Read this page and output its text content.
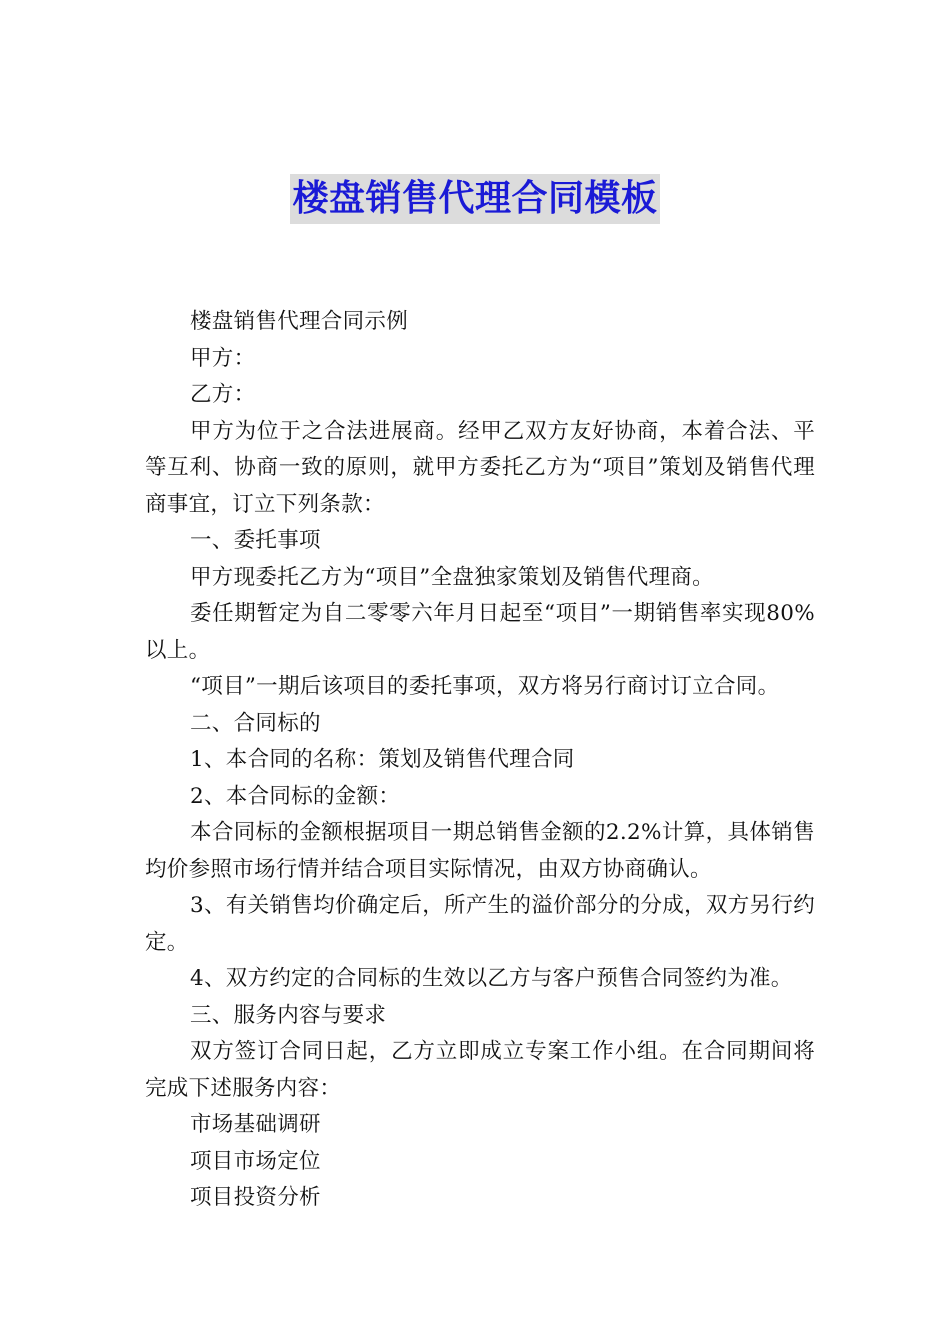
楼盘销售代理合同模板

楼盘销售代理合同示例

甲方：

乙方：

甲方为位于之合法进展商。经甲乙双方友好协商，本着合法、平等互利、协商一致的原则，就甲方委托乙方为“项目”策划及销售代理商事宜，订立下列条款：

一、委托事项

甲方现委托乙方为“项目”全盘独家策划及销售代理商。

委任期暂定为自二零零六年月日起至“项目”一期销售率实现80%以上。

“项目”一期后该项目的委托事项，双方将另行商讨订立合同。

二、合同标的

1、本合同的名称：策划及销售代理合同

2、本合同标的金额：

本合同标的金额根据项目一期总销售金额的2.2%计算，具体销售均价参照市场行情并结合项目实际情况，由双方协商确认。

3、有关销售均价确定后，所产生的溢价部分的分成，双方另行约定。

4、双方约定的合同标的生效以乙方与客户预售合同签约为准。

三、服务内容与要求

双方签订合同日起，乙方立即成立专案工作小组。在合同期间将完成下述服务内容：

市场基础调研

项目市场定位

项目投资分析
